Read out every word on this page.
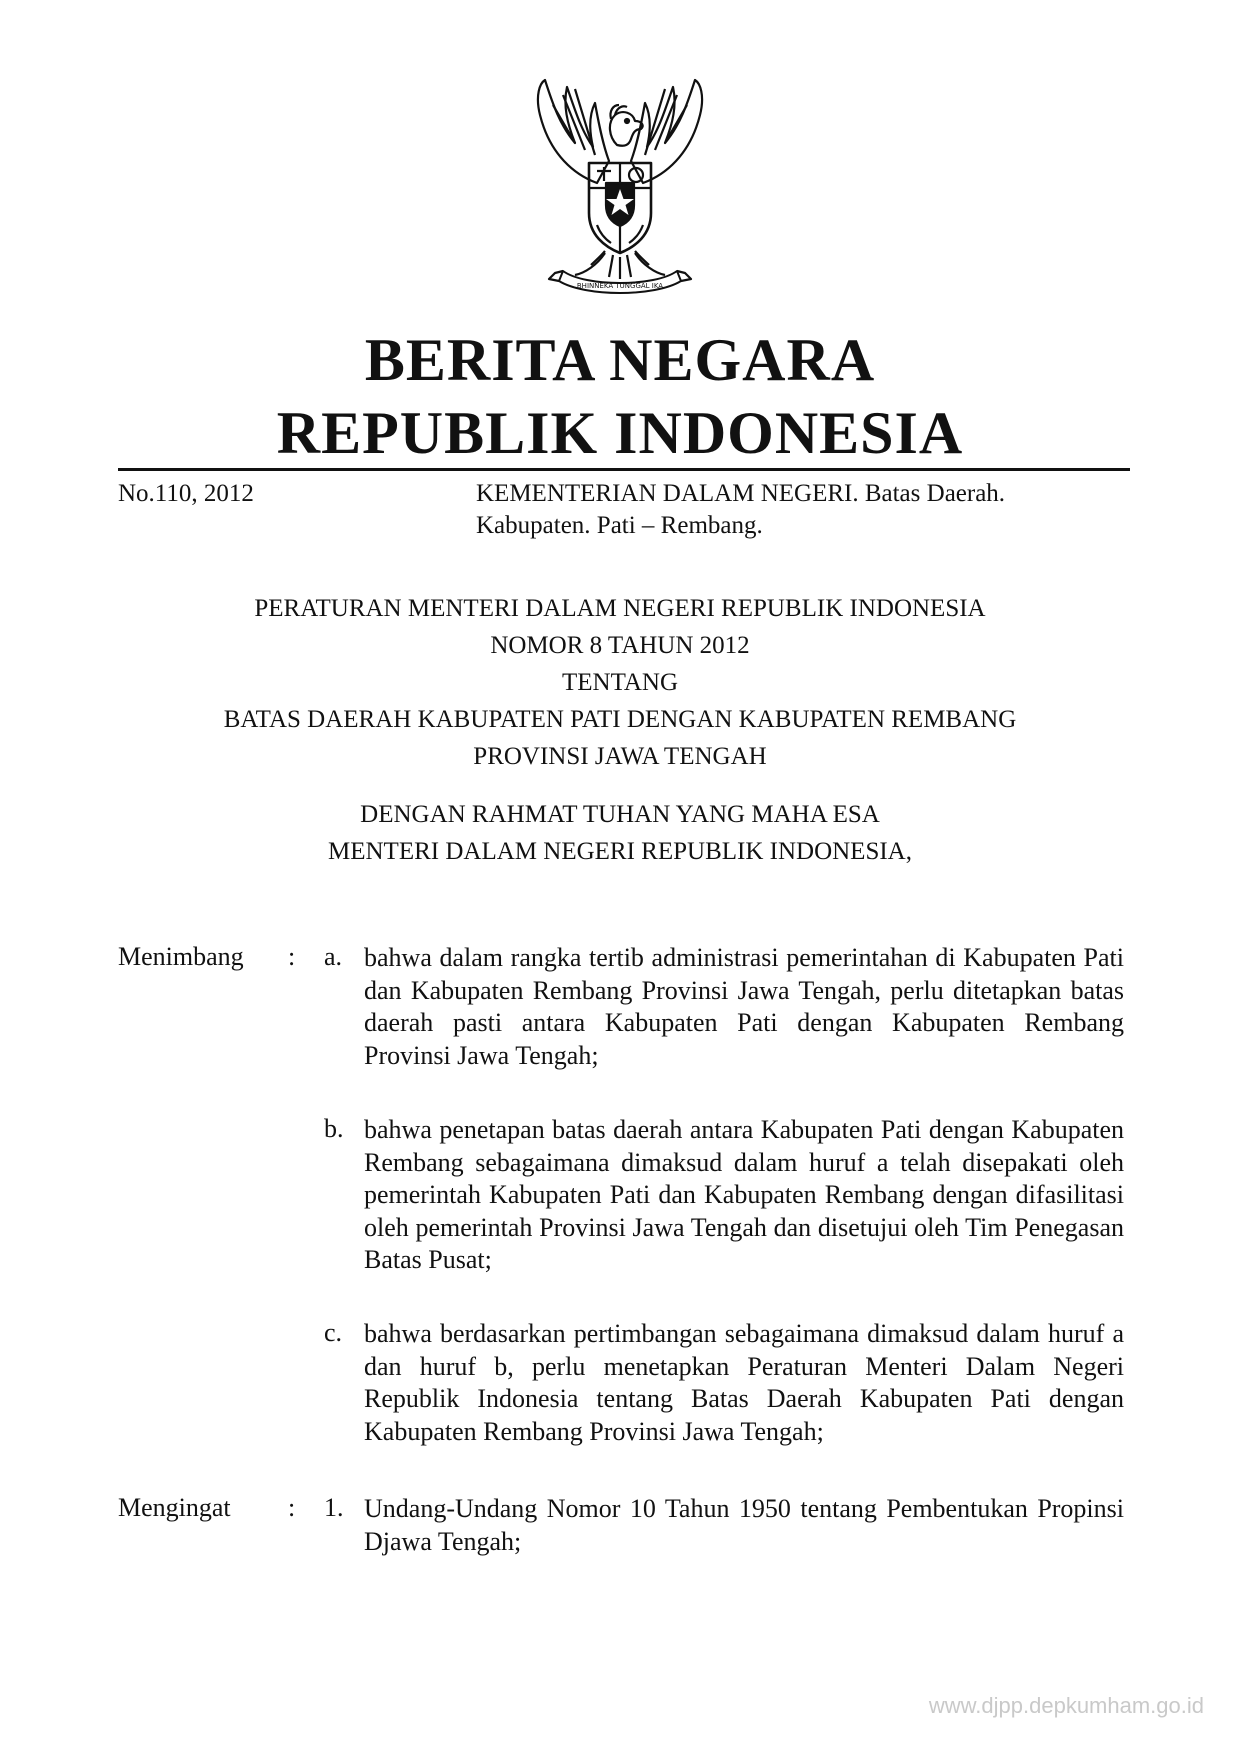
BHINNEKA TUNGGAL IKA
BERITA NEGARA
REPUBLIK INDONESIA
No.110, 2012	KEMENTERIAN DALAM NEGERI. Batas Daerah.
Kabupaten. Pati – Rembang.
PERATURAN MENTERI DALAM NEGERI REPUBLIK INDONESIA
NOMOR 8 TAHUN 2012
TENTANG
BATAS DAERAH KABUPATEN PATI DENGAN KABUPATEN REMBANG
PROVINSI JAWA TENGAH
DENGAN RAHMAT TUHAN YANG MAHA ESA
MENTERI DALAM NEGERI REPUBLIK INDONESIA,
Menimbang : a. bahwa dalam rangka tertib administrasi pemerintahan di Kabupaten Pati dan Kabupaten Rembang Provinsi Jawa Tengah, perlu ditetapkan batas daerah pasti antara Kabupaten Pati dengan Kabupaten Rembang Provinsi Jawa Tengah;
b. bahwa penetapan batas daerah antara Kabupaten Pati dengan Kabupaten Rembang sebagaimana dimaksud dalam huruf a telah disepakati oleh pemerintah Kabupaten Pati dan Kabupaten Rembang dengan difasilitasi oleh pemerintah Provinsi Jawa Tengah dan disetujui oleh Tim Penegasan Batas Pusat;
c. bahwa berdasarkan pertimbangan sebagaimana dimaksud dalam huruf a dan huruf b, perlu menetapkan Peraturan Menteri Dalam Negeri Republik Indonesia tentang Batas Daerah Kabupaten Pati dengan Kabupaten Rembang Provinsi Jawa Tengah;
Mengingat : 1. Undang-Undang Nomor 10 Tahun 1950 tentang Pembentukan Propinsi Djawa Tengah;
www.djpp.depkumham.go.id
